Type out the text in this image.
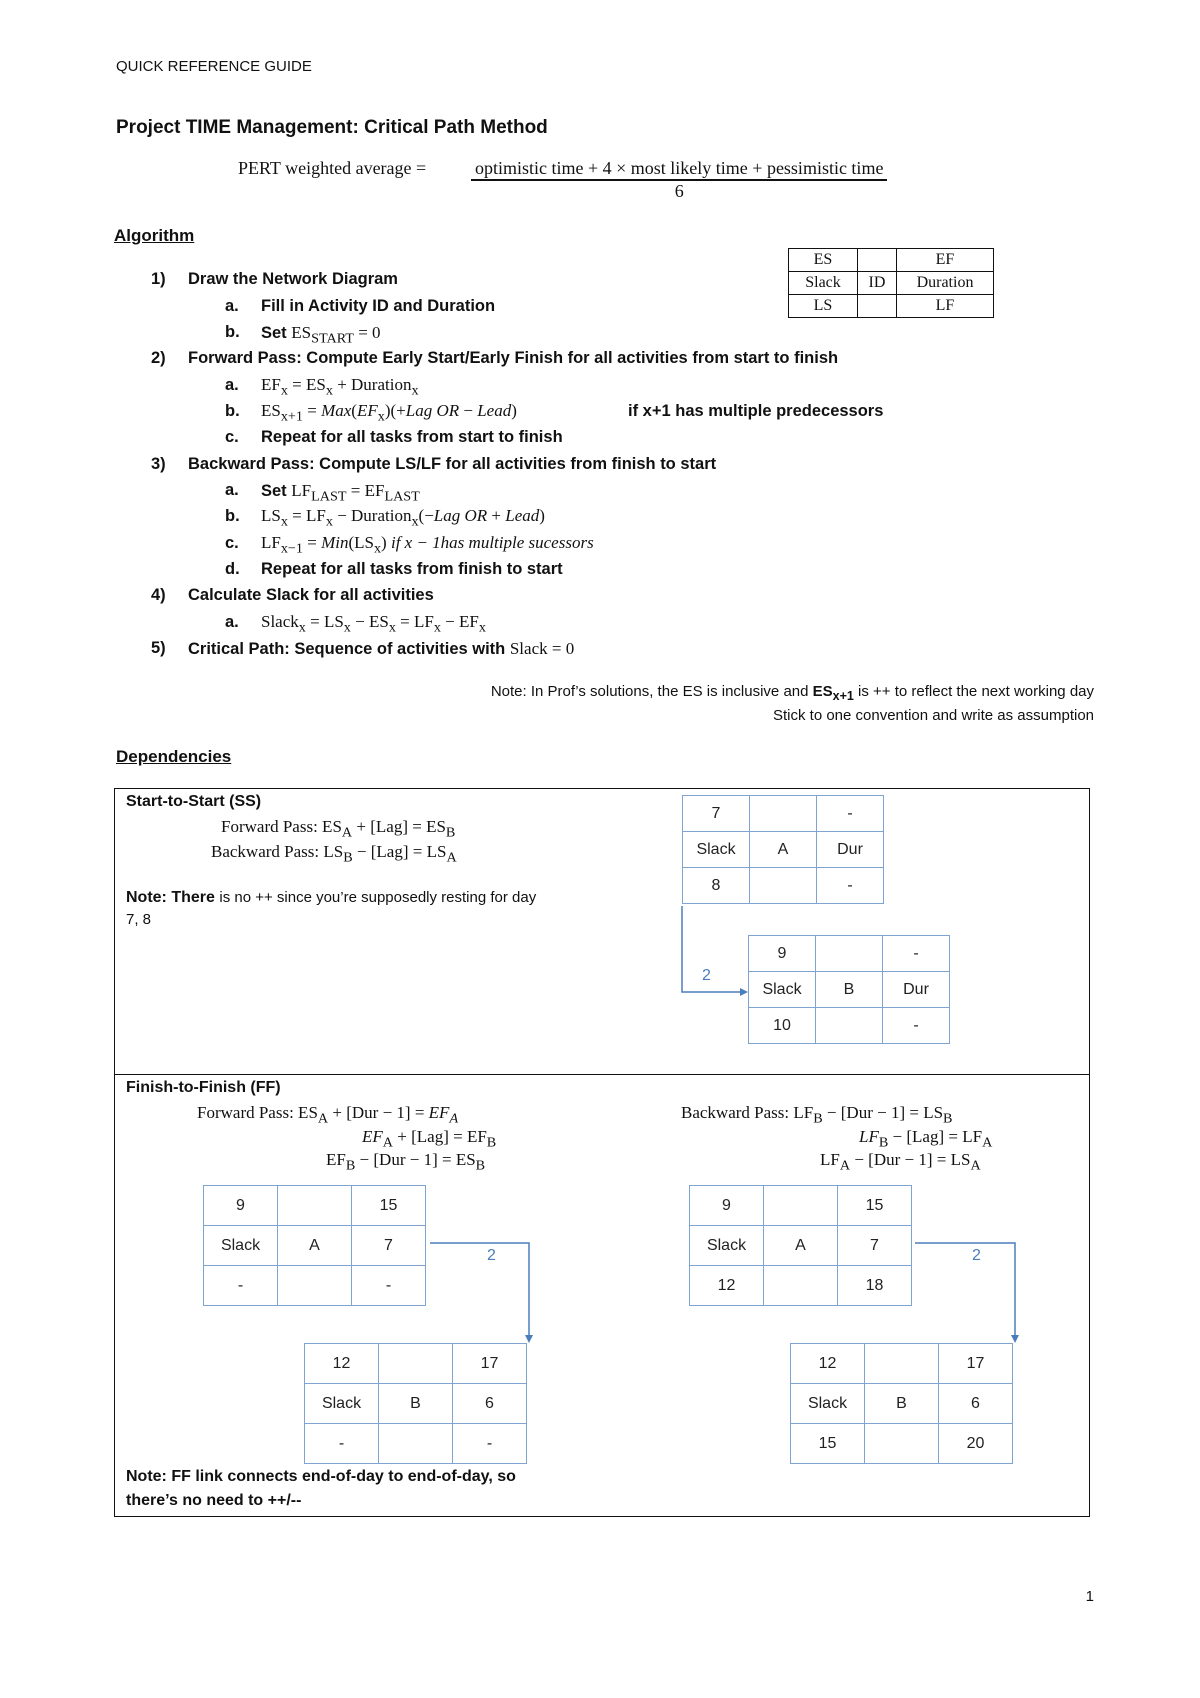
QUICK REFERENCE GUIDE
Project TIME Management: Critical Path Method
PERT weighted average =	optimistic time + 4 × most likely time + pessimistic time
6
Algorithm
ES		EF
Slack	ID	Duration
LS		LF
1) Draw the Network Diagram
a. Fill in Activity ID and Duration
b. Set $ES_{START} = 0$
2) Forward Pass: Compute Early Start/Early Finish for all activities from start to finish
a. $EF_x = ES_x$ + Duration$_x$
b. $ES_{x+1} = Max(EF_x)(+Lag$ OR − Lead)	if x+1 has multiple predecessors
c. Repeat for all tasks from start to finish
3) Backward Pass: Compute LS/LF for all activities from finish to start
a. Set $LF_{LAST} = EF_{LAST}$
b. $LS_x = LF_x$ − Duration$_x$(−Lag OR + Lead)
c. $LF_{x-1} = Min(LS_x)$ if x − 1has multiple sucessors
d. Repeat for all tasks from finish to start
4) Calculate Slack for all activities
a. Slack$_x$ = $LS_x - ES_x = LF_x - EF_x$
5) Critical Path: Sequence of activities with Slack = 0
Note: In Prof’s solutions, the ES is inclusive and $ES_{x+1}$ is ++ to reflect the next working day
Stick to one convention and write as assumption
Dependencies
Start-to-Start (SS)
Forward Pass: $ES_A + [Lag] = ES_B$
Backward Pass: $LS_B - [Lag] = LS_A$
Note: There is no ++ since you’re supposedly resting for day
7, 8
7		-
Slack	A	Dur
8		-
9		-
Slack	B	Dur
10		-
2
Finish-to-Finish (FF)
Forward Pass: $ES_A + [Dur - 1] = EF_A$
$EF_A + [Lag] = EF_B$
$EF_B - [Dur - 1] = ES_B$
Backward Pass: $LF_B - [Dur - 1] = LS_B$
$LF_B - [Lag] = LF_A$
$LF_A - [Dur - 1] = LS_A$
9		15
Slack	A	7
-		-
12		17
Slack	B	6
-		-
9		15
Slack	A	7
12		18
12		17
Slack	B	6
15		20
2	2
Note: FF link connects end-of-day to end-of-day, so
there’s no need to ++/--
1
